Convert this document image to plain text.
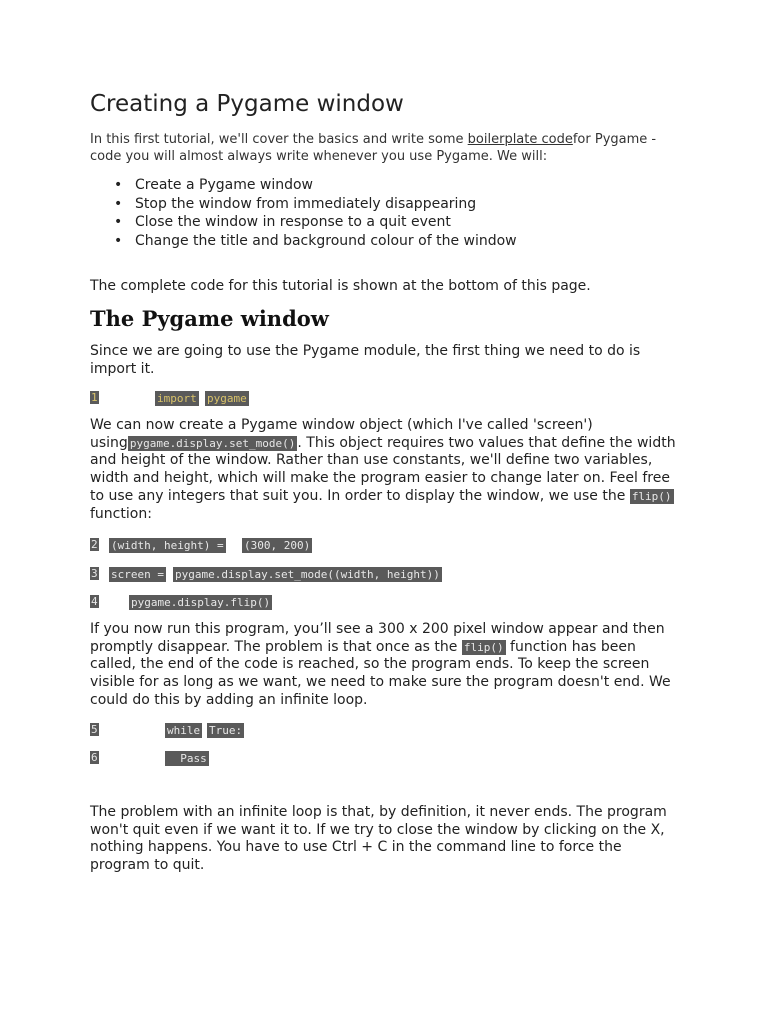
Creating a Pygame window

In this first tutorial, we'll cover the basics and write some boilerplate codefor Pygame - code you will almost always write whenever you use Pygame. We will:

• Create a Pygame window
• Stop the window from immediately disappearing
• Close the window in response to a quit event
• Change the title and background colour of the window

The complete code for this tutorial is shown at the bottom of this page.

The Pygame window

Since we are going to use the Pygame module, the first thing we need to do is import it.

1

	import

pygame

We can now create a Pygame window object (which I've called 'screen') using pygame.display.set_mode() . This object requires two values that define the width and height of the window. Rather than use constants, we'll define two variables, width and height, which will make the program easier to change later on. Feel free to use any integers that suit you. In order to display the window, we use the flip() function:

2

(width, height) =

(300, 200)

3

screen =

pygame.display.set_mode((width, height))

4

	pygame.display.flip()

If you now run this program, you’ll see a 300 x 200 pixel window appear and then promptly disappear. The problem is that once as the flip() function has been called, the end of the code is reached, so the program ends. To keep the screen visible for as long as we want, we need to make sure the program doesn't end. We could do this by adding an infinite loop.

5

	while

True:

6

	Pass

The problem with an infinite loop is that, by definition, it never ends. The program won't quit even if we want it to. If we try to close the window by clicking on the X, nothing happens. You have to use Ctrl + C in the command line to force the program to quit.
